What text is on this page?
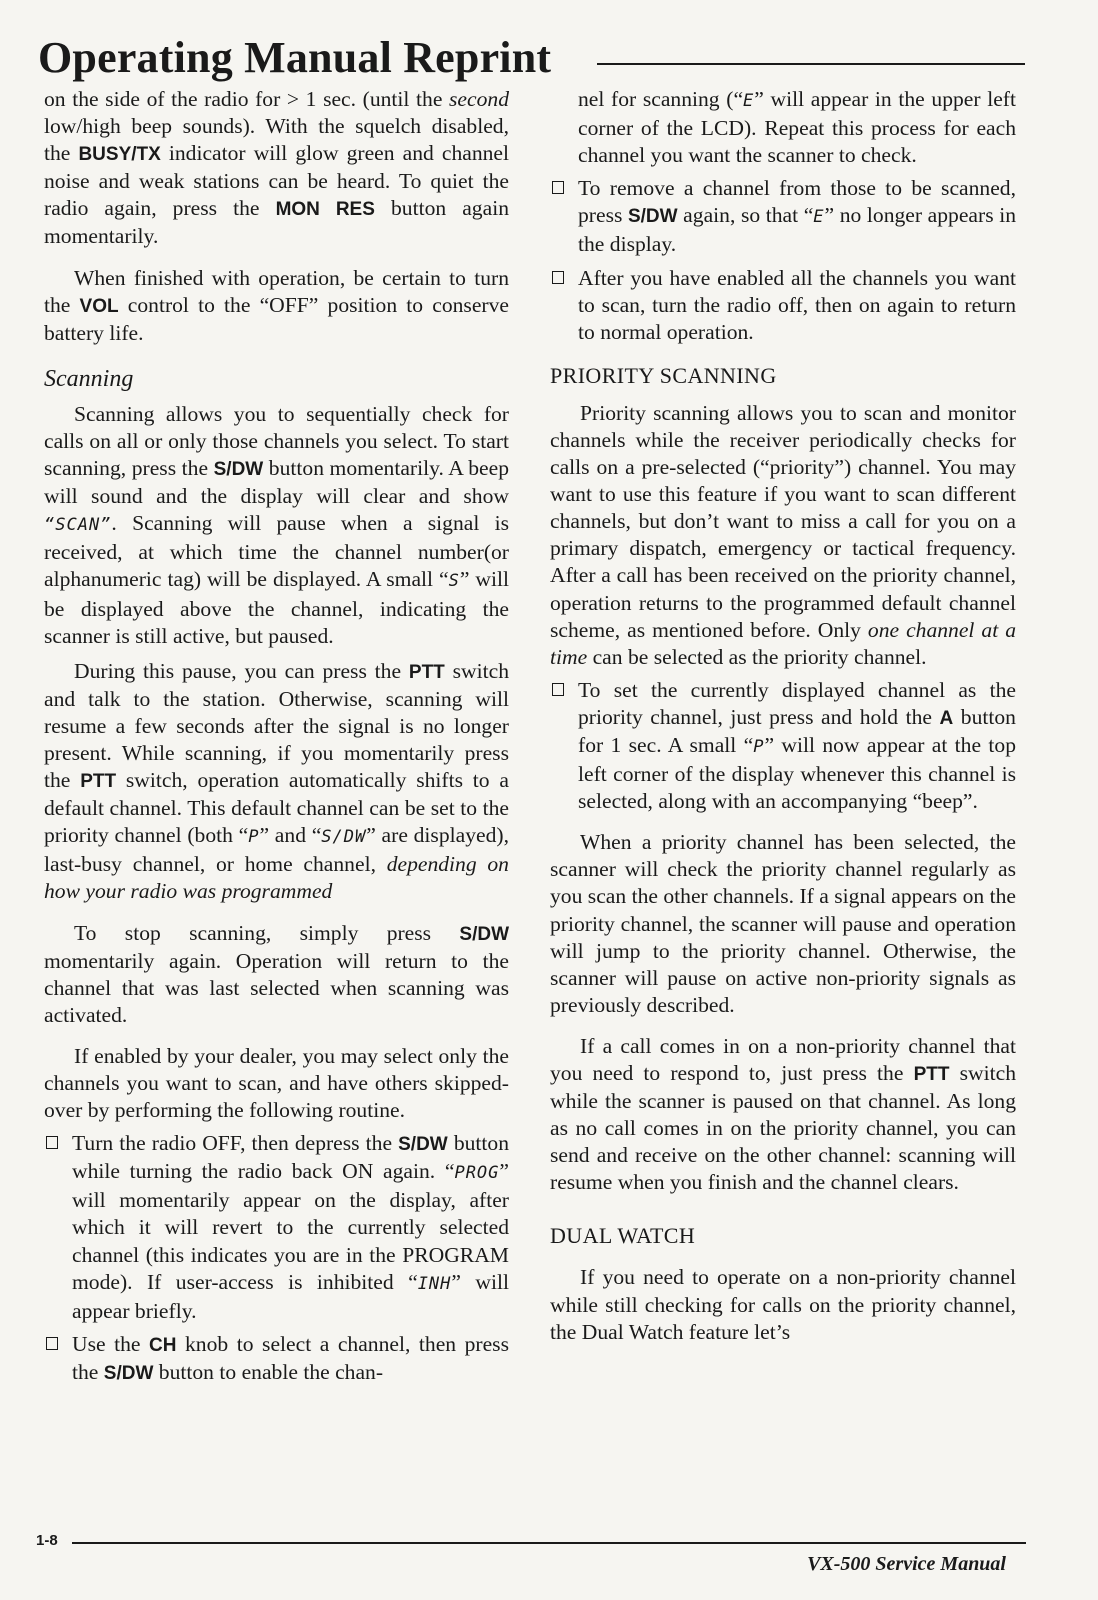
Operating Manual Reprint

on the side of the radio for > 1 sec. (until the second low/high beep sounds). With the squelch disabled, the BUSY/TX indicator will glow green and channel noise and weak stations can be heard. To quiet the radio again, press the MON RES button again momentarily.

When finished with operation, be certain to turn the VOL control to the “OFF” position to conserve battery life.

Scanning

Scanning allows you to sequentially check for calls on all or only those channels you select. To start scanning, press the S/DW button momentarily. A beep will sound and the display will clear and show “SCAN”. Scanning will pause when a signal is received, at which time the channel number(or alphanumeric tag) will be displayed. A small “S” will be displayed above the channel, indicating the scanner is still active, but paused.

During this pause, you can press the PTT switch and talk to the station. Otherwise, scanning will resume a few seconds after the signal is no longer present. While scanning, if you momentarily press the PTT switch, operation automatically shifts to a default channel. This default channel can be set to the priority channel (both “P” and “S/DW” are displayed), last-busy channel, or home channel, depending on how your radio was programmed

To stop scanning, simply press S/DW momentarily again. Operation will return to the channel that was last selected when scanning was activated.

If enabled by your dealer, you may select only the channels you want to scan, and have others skipped-over by performing the following routine.

Turn the radio OFF, then depress the S/DW button while turning the radio back ON again. “PROG” will momentarily appear on the display, after which it will revert to the currently selected channel (this indicates you are in the PROGRAM mode). If user-access is inhibited “INH” will appear briefly.
Use the CH knob to select a channel, then press the S/DW button to enable the chan-

nel for scanning (“E” will appear in the upper left corner of the LCD). Repeat this process for each channel you want the scanner to check.

To remove a channel from those to be scanned, press S/DW again, so that “E” no longer appears in the display.
After you have enabled all the channels you want to scan, turn the radio off, then on again to return to normal operation.
PRIORITY SCANNING

Priority scanning allows you to scan and monitor channels while the receiver periodically checks for calls on a pre-selected (“priority”) channel. You may want to use this feature if you want to scan different channels, but don’t want to miss a call for you on a primary dispatch, emergency or tactical frequency. After a call has been received on the priority channel, operation returns to the programmed default channel scheme, as mentioned before. Only one channel at a time can be selected as the priority channel.

To set the currently displayed channel as the priority channel, just press and hold the A button for 1 sec. A small “P” will now appear at the top left corner of the display whenever this channel is selected, along with an accompanying “beep”.

When a priority channel has been selected, the scanner will check the priority channel regularly as you scan the other channels. If a signal appears on the priority channel, the scanner will pause and operation will jump to the priority channel. Otherwise, the scanner will pause on active non-priority signals as previously described.

If a call comes in on a non-priority channel that you need to respond to, just press the PTT switch while the scanner is paused on that channel. As long as no call comes in on the priority channel, you can send and receive on the other channel: scanning will resume when you finish and the channel clears.

DUAL WATCH

If you need to operate on a non-priority channel while still checking for calls on the priority channel, the Dual Watch feature let’s

1-8
VX-500 Service Manual
